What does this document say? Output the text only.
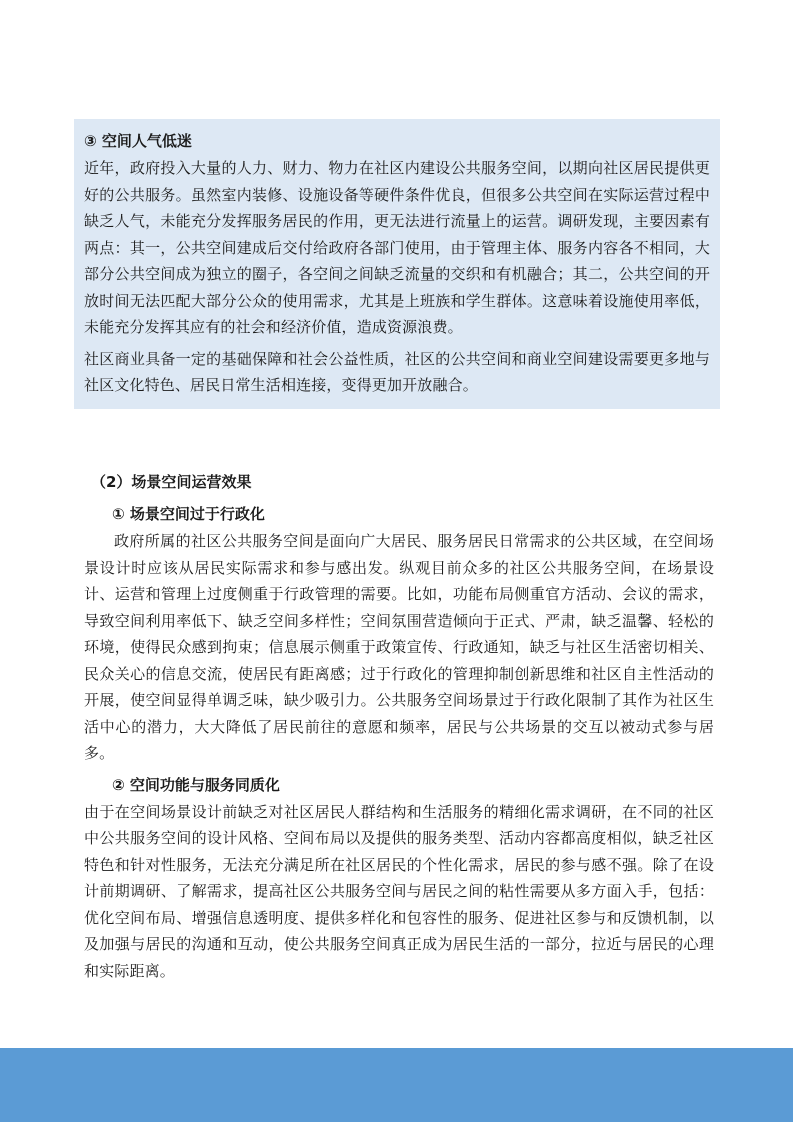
③ 空间人气低迷

近年，政府投入大量的人力、财力、物力在社区内建设公共服务空间，以期向社区居民提供更好的公共服务。虽然室内装修、设施设备等硬件条件优良，但很多公共空间在实际运营过程中缺乏人气，未能充分发挥服务居民的作用，更无法进行流量上的运营。调研发现，主要因素有两点：其一，公共空间建成后交付给政府各部门使用，由于管理主体、服务内容各不相同，大部分公共空间成为独立的圈子，各空间之间缺乏流量的交织和有机融合；其二，公共空间的开放时间无法匹配大部分公众的使用需求，尤其是上班族和学生群体。这意味着设施使用率低，未能充分发挥其应有的社会和经济价值，造成资源浪费。

社区商业具备一定的基础保障和社会公益性质，社区的公共空间和商业空间建设需要更多地与社区文化特色、居民日常生活相连接，变得更加开放融合。

（2）场景空间运营效果

① 场景空间过于行政化

政府所属的社区公共服务空间是面向广大居民、服务居民日常需求的公共区域，在空间场景设计时应该从居民实际需求和参与感出发。纵观目前众多的社区公共服务空间，在场景设计、运营和管理上过度侧重于行政管理的需要。比如，功能布局侧重官方活动、会议的需求，导致空间利用率低下、缺乏空间多样性；空间氛围营造倾向于正式、严肃，缺乏温馨、轻松的环境，使得民众感到拘束；信息展示侧重于政策宣传、行政通知，缺乏与社区生活密切相关、民众关心的信息交流，使居民有距离感；过于行政化的管理抑制创新思维和社区自主性活动的开展，使空间显得单调乏味，缺少吸引力。公共服务空间场景过于行政化限制了其作为社区生活中心的潜力，大大降低了居民前往的意愿和频率，居民与公共场景的交互以被动式参与居多。

② 空间功能与服务同质化

由于在空间场景设计前缺乏对社区居民人群结构和生活服务的精细化需求调研，在不同的社区中公共服务空间的设计风格、空间布局以及提供的服务类型、活动内容都高度相似，缺乏社区特色和针对性服务，无法充分满足所在社区居民的个性化需求，居民的参与感不强。除了在设计前期调研、了解需求，提高社区公共服务空间与居民之间的粘性需要从多方面入手，包括：优化空间布局、增强信息透明度、提供多样化和包容性的服务、促进社区参与和反馈机制，以及加强与居民的沟通和互动，使公共服务空间真正成为居民生活的一部分，拉近与居民的心理和实际距离。
